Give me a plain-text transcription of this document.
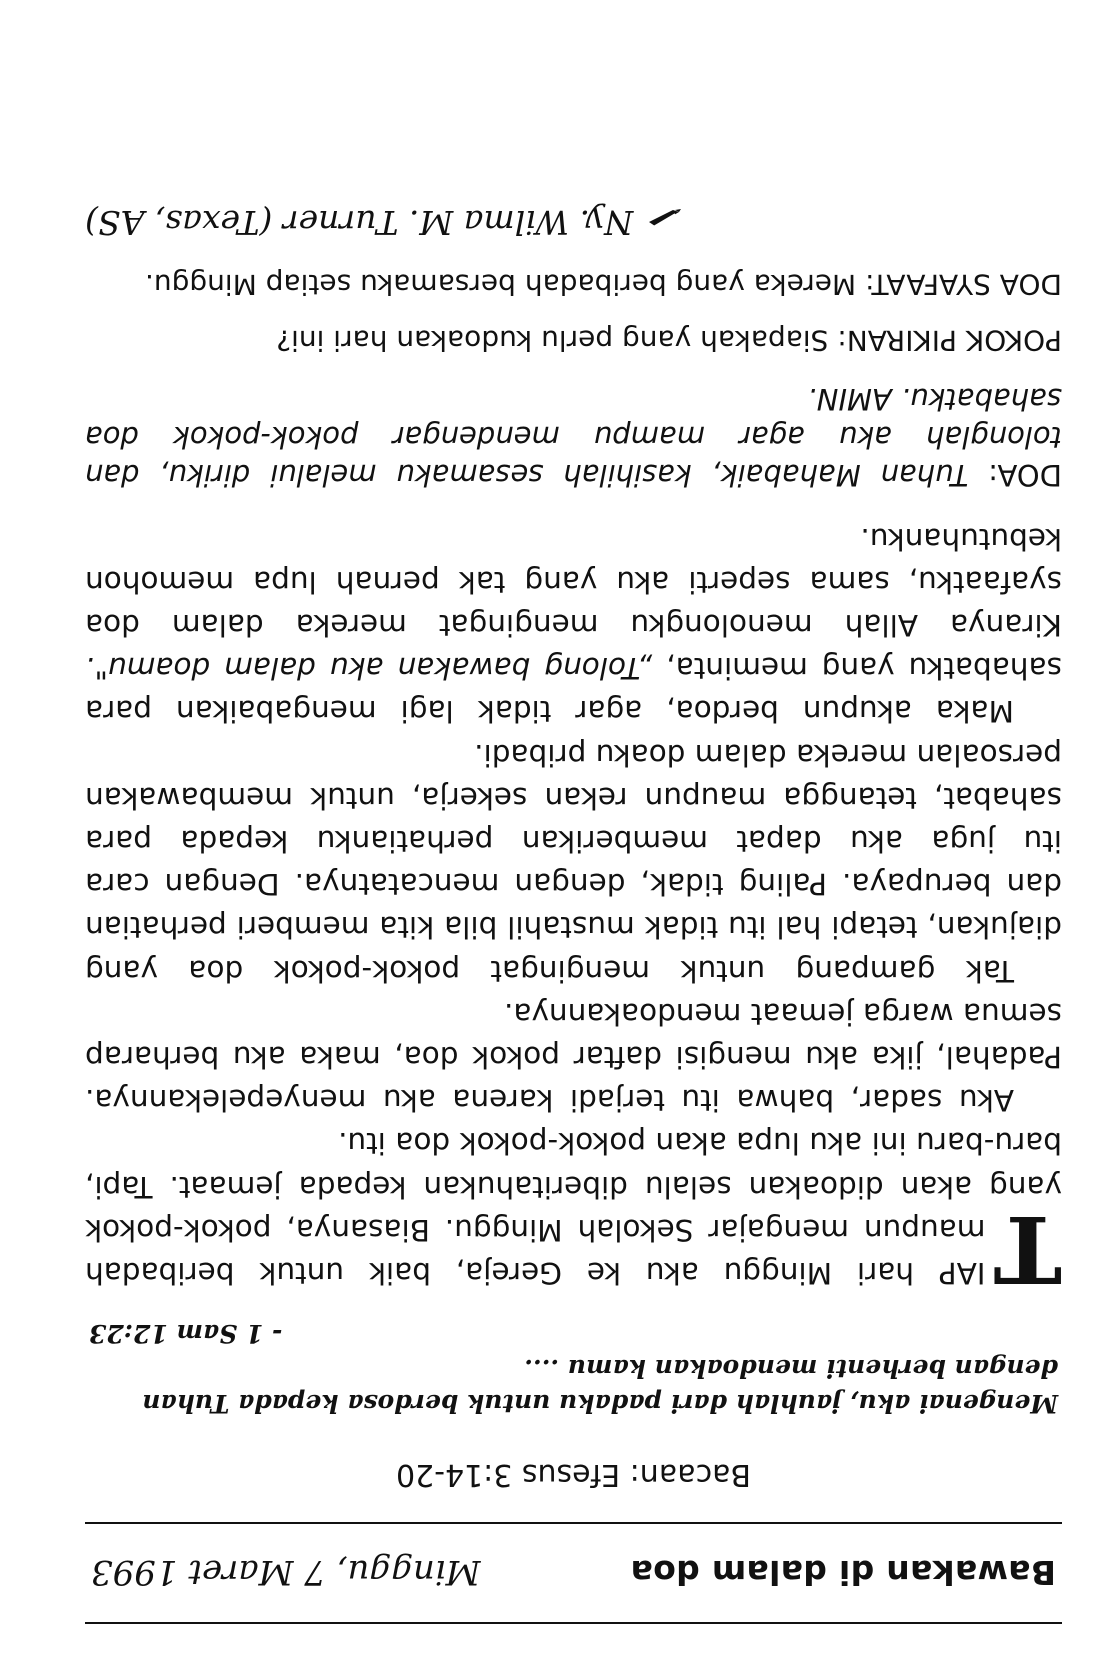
Bawakan di dalam doa
Minggu, 7 Maret 1993
Bacaan: Efesus 3:14-20
Mengenai aku, jauhlah dari padaku untuk berdosa kepada Tuhan dengan berhenti mendoakan kamu ....
- 1 Sam 12:23

T
IAP hari Minggu aku ke Gereja, baik untuk beribadah maupun mengajar Sekolah Minggu. Biasanya, pokok-pokok yang akan didoakan selalu diberitahukan kepada jemaat. Tapi, baru-baru ini aku lupa akan pokok-pokok doa itu.

Aku sadar, bahwa itu terjadi karena aku menyepelekannya. Padahal, jika aku mengisi daftar pokok doa, maka aku berharap semua warga jemaat mendoakannya.

Tak gampang untuk mengingat pokok-pokok doa yang diajukan, tetapi hal itu tidak mustahil bila kita memberi perhatian dan berupaya. Paling tidak, dengan mencatatnya. Dengan cara itu juga aku dapat memberikan perhatianku kepada para sahabat, tetangga maupun rekan sekerja, untuk membawakan persoalan mereka dalam doaku pribadi.

Maka akupun berdoa, agar tidak lagi mengabaikan para sahabatku yang meminta, „Tolong bawakan aku dalam doamu". Kiranya Allah menolongku mengingat mereka dalam doa syafaatku, sama seperti aku yang tak pernah lupa memohon kebutuhanku.

DOA: Tuhan Mahabaik, kasihilah sesamaku melalui diriku, dan tolonglah aku agar mampu mendengar pokok-pokok doa sahabatku. AMIN.
POKOK PIKIRAN: Siapakah yang perlu kudoakan hari ini?
DOA SYAFAAT: Mereka yang beribadah bersamaku setiap Minggu.
Ny. Wilma M. Turner (Texas, AS)
